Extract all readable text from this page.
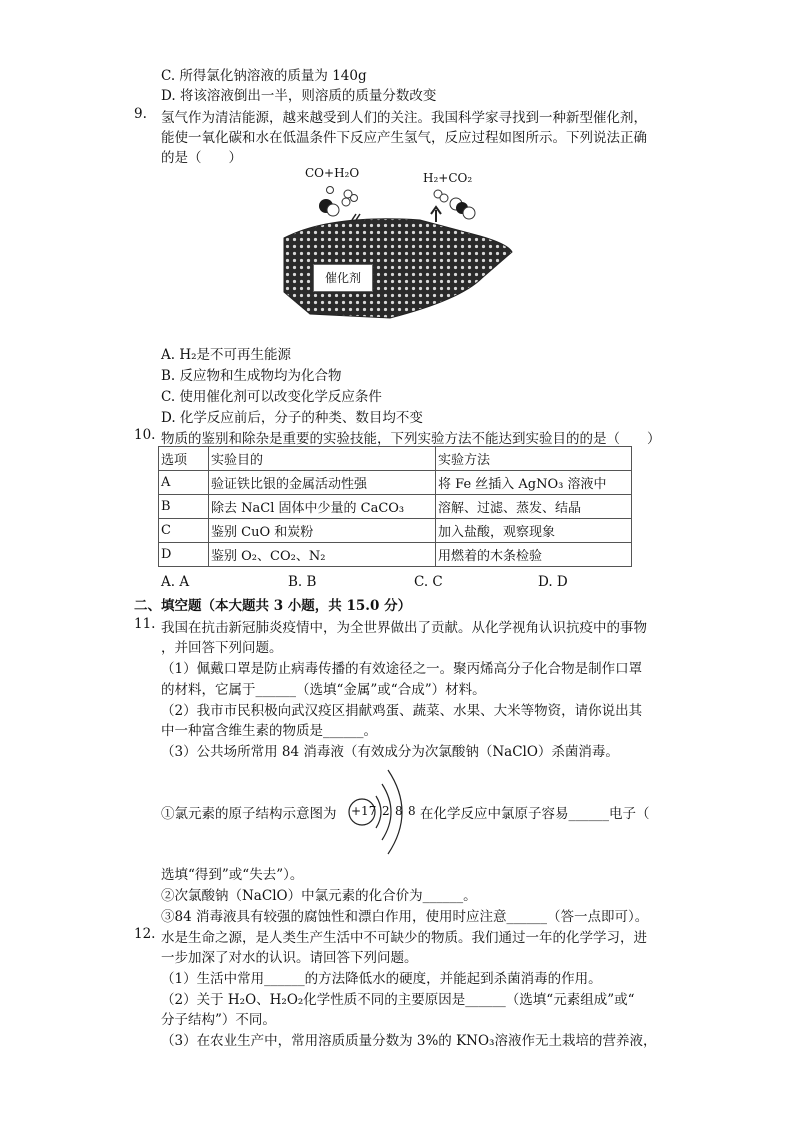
C. 所得氯化钠溶液的质量为 140g
D. 将该溶液倒出一半，则溶质的质量分数改变
9. 氢气作为清洁能源，越来越受到人们的关注。我国科学家寻找到一种新型催化剂，
能使一氧化碳和水在低温条件下反应产生氢气，反应过程如图所示。下列说法正确
的是（　　）
CO+H₂O	H₂+CO₂
催化剂
A. H₂是不可再生能源
B. 反应物和生成物均为化合物
C. 使用催化剂可以改变化学反应条件
D. 化学反应前后，分子的种类、数目均不变
10. 物质的鉴别和除杂是重要的实验技能，下列实验方法不能达到实验目的的是（　　）
选项	实验目的	实验方法
A	验证铁比银的金属活动性强	将 Fe 丝插入 AgNO₃ 溶液中
B	除去 NaCl 固体中少量的 CaCO₃	溶解、过滤、蒸发、结晶
C	鉴别 CuO 和炭粉	加入盐酸，观察现象
D	鉴别 O₂、CO₂、N₂	用燃着的木条检验
A. A	B. B	C. C	D. D
二、填空题（本大题共 3 小题，共 15.0 分）
11. 我国在抗击新冠肺炎疫情中，为全世界做出了贡献。从化学视角认识抗疫中的事物
，并回答下列问题。
（1）佩戴口罩是防止病毒传播的有效途径之一。聚丙烯高分子化合物是制作口罩
的材料，它属于______（选填“金属”或“合成”）材料。
（2）我市市民积极向武汉疫区捐献鸡蛋、蔬菜、水果、大米等物资，请你说出其
中一种富含维生素的物质是______。
（3）公共场所常用 84 消毒液（有效成分为次氯酸钠（NaClO）杀菌消毒。
①氯元素的原子结构示意图为 +17 2 8 8 在化学反应中氯原子容易______电子（
选填“得到”或“失去”）。
②次氯酸钠（NaClO）中氯元素的化合价为______。
③84 消毒液具有较强的腐蚀性和漂白作用，使用时应注意______（答一点即可）。
12. 水是生命之源，是人类生产生活中不可缺少的物质。我们通过一年的化学学习，进
一步加深了对水的认识。请回答下列问题。
（1）生活中常用______的方法降低水的硬度，并能起到杀菌消毒的作用。
（2）关于 H₂O、H₂O₂化学性质不同的主要原因是______（选填“元素组成”或“
分子结构”）不同。
（3）在农业生产中，常用溶质质量分数为 3%的 KNO₃溶液作无土栽培的营养液，
